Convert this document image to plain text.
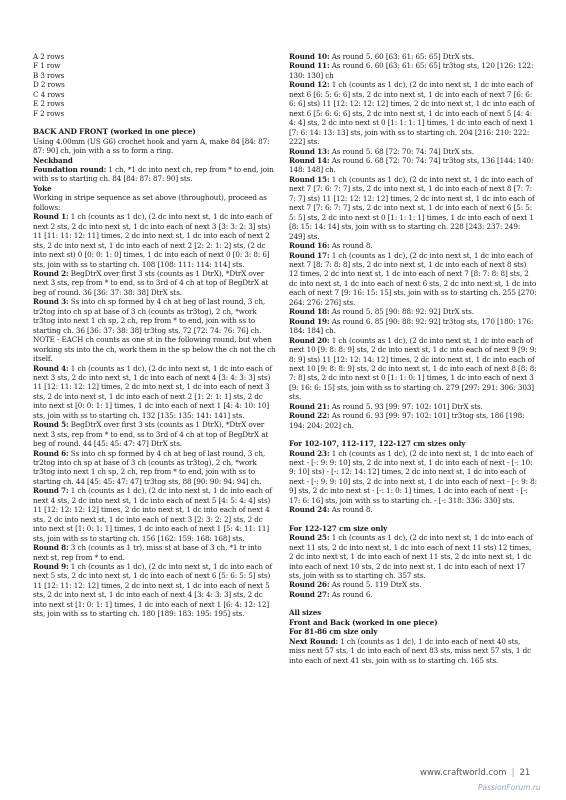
A 2 rows

F 1 row

B 3 rows

D 2 rows

C 4 rows

E 2 rows

F 2 rows

BACK AND FRONT (worked in one piece)

Using 4.00mm (US G6) crochet hook and yarn A, make 84 [84: 87: 87: 90] ch, join with a ss to form a ring.

Neckband

Foundation round: 1 ch, *1 dc into next ch, rep from * to end, join with ss to starting ch. 84 [84: 87: 87: 90] sts.

Yoke

Working in stripe sequence as set above (throughout), proceed as follows:

Round 1: 1 ch (counts as 1 dc), (2 dc into next st, 1 dc into each of next 2 sts, 2 dc into next st, 1 dc into each of next 3 [3: 3: 2: 3] sts) 11 [11: 11: 12: 11] times, 2 dc into next st, 1 dc into each of next 2 sts, 2 dc into next st, 1 dc into each of next 2 [2: 2: 1: 2] sts, (2 dc into next st) 0 [0: 0: 1: 0] times, 1 dc into each of next 0 [0: 3: 8: 6] sts, join with ss to starting ch. 108 [108: 111: 114: 114] sts.

Round 2: BegDtrX over first 3 sts (counts as 1 DtrX), *DtrX over next 3 sts, rep from * to end, ss to 3rd of 4 ch at top of BegDtrX at beg of round. 36 [36: 37: 38: 38] DtrX sts.

Round 3: Ss into ch sp formed by 4 ch at beg of last round, 3 ch, tr2tog into ch sp at base of 3 ch (counts as tr3tog), 2 ch, *work tr3tog into next 1 ch sp, 2 ch, rep from * to end, join with ss to starting ch. 36 [36: 37: 38: 38] tr3tog sts, 72 [72: 74: 76: 76] ch.

NOTE - EACH ch counts as one st in the following round, but when working sts into the ch, work them in the sp below the ch not the ch itself.

Round 4: 1 ch (counts as 1 dc), (2 dc into next st, 1 dc into each of next 3 sts, 2 dc into next st, 1 dc into each of next 4 [3: 4: 3: 3] sts) 11 [12: 11: 12: 12] times, 2 dc into next st, 1 dc into each of next 3 sts, 2 dc into next st, 1 dc into each of next 2 [1: 2: 1: 1] sts, 2 dc into next st [0: 0: 1: 1] times, 1 dc into each of next 1 [4: 4: 10: 10] sts, join with ss to starting ch. 132 [135: 135: 141: 141] sts.

Round 5: BegDtrX over first 3 sts (counts as 1 DtrX), *DtrX over next 3 sts, rep from * to end, ss to 3rd of 4 ch at top of BegDtrX at beg of round. 44 [45: 45: 47: 47] DtrX sts.

Round 6: Ss into ch sp formed by 4 ch at beg of last round, 3 ch, tr2tog into ch sp at base of 3 ch (counts as tr3tog), 2 ch, *work tr3tog into next 1 ch sp, 2 ch, rep from * to end, join with ss to starting ch. 44 [45: 45: 47: 47] tr3tog sts, 88 [90: 90: 94: 94] ch.

Round 7: 1 ch (counts as 1 dc), (2 dc into next st, 1 dc into each of next 4 sts, 2 dc into next st, 1 dc into each of next 5 [4: 5: 4: 4] sts) 11 [12: 12: 12: 12] times, 2 dc into next st, 1 dc into each of next 4 sts, 2 dc into next st, 1 dc into each of next 3 [2: 3: 2: 2] sts, 2 dc into next st [1: 0: 1: 1] times, 1 dc into each of next 1 [5: 4: 11: 11] sts, join with ss to starting ch. 156 [162: 159: 168: 168] sts.

Round 8: 3 ch (counts as 1 tr), miss st at base of 3 ch, *1 tr into next st, rep from * to end.

Round 9: 1 ch (counts as 1 dc), (2 dc into next st, 1 dc into each of next 5 sts, 2 dc into next st, 1 dc into each of next 6 [5: 6: 5: 5] sts) 11 [12: 11: 12: 12] times, 2 dc into next st, 1 dc into each of next 5 sts, 2 dc into next st, 1 dc into each of next 4 [3: 4: 3: 3] sts, 2 dc into next st [1: 0: 1: 1] times, 1 dc into each of next 1 [6: 4: 12: 12] sts, join with ss to starting ch. 180 [189: 183: 195: 195] sts.

Round 10: As round 5. 60 [63: 61: 65: 65] DtrX sts.

Round 11: As round 6. 60 [63: 61: 65: 65] tr3tog sts, 120 [126: 122: 130: 130] ch

Round 12: 1 ch (counts as 1 dc), (2 dc into next st, 1 dc into each of next 6 [6: 5: 6: 6] sts, 2 dc into next st, 1 dc into each of next 7 [6: 6: 6: 6] sts) 11 [12: 12: 12: 12] times, 2 dc into next st, 1 dc into each of next 6 [5: 6: 6: 6] sts, 2 dc into next st, 1 dc into each of next 5 [4: 4: 4: 4] sts, 2 dc into next st 0 [1: 1: 1: 1] times, 1 dc into each of next 1 [7: 6: 14: 13: 13] sts, join with ss to starting ch. 204 [216: 210: 222: 222] sts.

Round 13: As round 5. 68 [72: 70: 74: 74] DtrX sts.

Round 14: As round 6. 68 [72: 70: 74: 74] tr3tog sts, 136 [144: 140: 148: 148] ch.

Round 15: 1 ch (counts as 1 dc), (2 dc into next st, 1 dc into each of next 7 [7: 6: 7: 7] sts, 2 dc into next st, 1 dc into each of next 8 [7: 7: 7: 7] sts) 11 [12: 12: 12: 12] times, 2 dc into next st, 1 dc into each of next 7 [7: 6: 7: 7] sts, 2 dc into next st, 1 dc into each of next 6 [5: 5: 5: 5] sts, 2 dc into next st 0 [1: 1: 1: 1] times, 1 dc into each of next 1 [8: 15: 14: 14] sts, join with ss to starting ch. 228 [243: 237: 249: 249] sts.

Round 16: As round 8.

Round 17: 1 ch (counts as 1 dc), (2 dc into next st, 1 dc into each of next 7 [8: 7: 8: 8] sts, 2 dc into next st, 1 dc into each of next 8 sts) 12 times, 2 dc into next st, 1 dc into each of next 7 [8: 7: 8: 8] sts, 2 dc into next st, 1 dc into each of next 6 sts, 2 dc into next st, 1 dc into each of next 7 [9: 16: 15: 15] sts, join with ss to starting ch. 255 [270: 264: 276: 276] sts.

Round 18: As round 5. 85 [90: 88: 92: 92] DtrX sts.

Round 19: As round 6. 85 [90: 88: 92: 92] tr3tog sts, 170 [180: 176: 184: 184] ch.

Round 20: 1 ch (counts as 1 dc), (2 dc into next st, 1 dc into each of next 10 [9: 8: 8: 9] sts, 2 dc into next st, 1 dc into each of next 9 [9: 9: 8: 9] sts) 11 [12: 12: 14: 12] times, 2 dc into next st, 1 dc into each of next 10 [9: 8: 8: 9] sts, 2 dc into next st, 1 dc into each of next 8 [8: 8: 7: 8] sts, 2 dc into next st 0 [1: 1: 0: 1] times, 1 dc into each of next 3 [9: 16: 6: 15] sts, join with ss to starting ch. 279 [297: 291: 306: 303] sts.

Round 21: As round 5. 93 [99: 97: 102: 101] DtrX sts.

Round 22: As round 6. 93 [99: 97: 102: 101] tr3tog sts, 186 [198: 194: 204: 202] ch.

For 102-107, 112-117, 122-127 cm sizes only

Round 23: 1 ch (counts as 1 dc), (2 dc into next st, 1 dc into each of next - [-: 9: 9: 10] sts, 2 dc into next st, 1 dc into each of next - [-: 10: 9: 10] sts) - [-: 12: 14: 12] times, 2 dc into next st, 1 dc into each of next - [-: 9: 9: 10] sts, 2 dc into next st, 1 dc into each of next - [-: 9: 8: 9] sts, 2 dc into next st - [-: 1: 0: 1] times, 1 dc into each of next - [-: 17: 6: 16] sts, join with ss to starting ch. - [-: 318: 336: 330] sts.

Round 24: As round 8.

For 122-127 cm size only

Round 25: 1 ch (counts as 1 dc), (2 dc into next st, 1 dc into each of next 11 sts, 2 dc into next st, 1 dc into each of next 11 sts) 12 times, 2 dc into next st, 1 dc into each of next 11 sts, 2 dc into next st, 1 dc into each of next 10 sts, 2 dc into next st, 1 dc into each of next 17 sts, join with ss to starting ch. 357 sts.

Round 26: As round 5. 119 DtrX sts.

Round 27: As round 6.

All sizes

Front and Back (worked in one piece)

For 81-86 cm size only

Next Round: 1 ch (counts as 1 dc), 1 dc into each of next 40 sts, miss next 57 sts, 1 dc into each of next 83 sts, miss next 57 sts, 1 dc into each of next 41 sts, join with ss to starting ch. 165 sts.

www.craftworld.com | 21
PassionForum.ru
